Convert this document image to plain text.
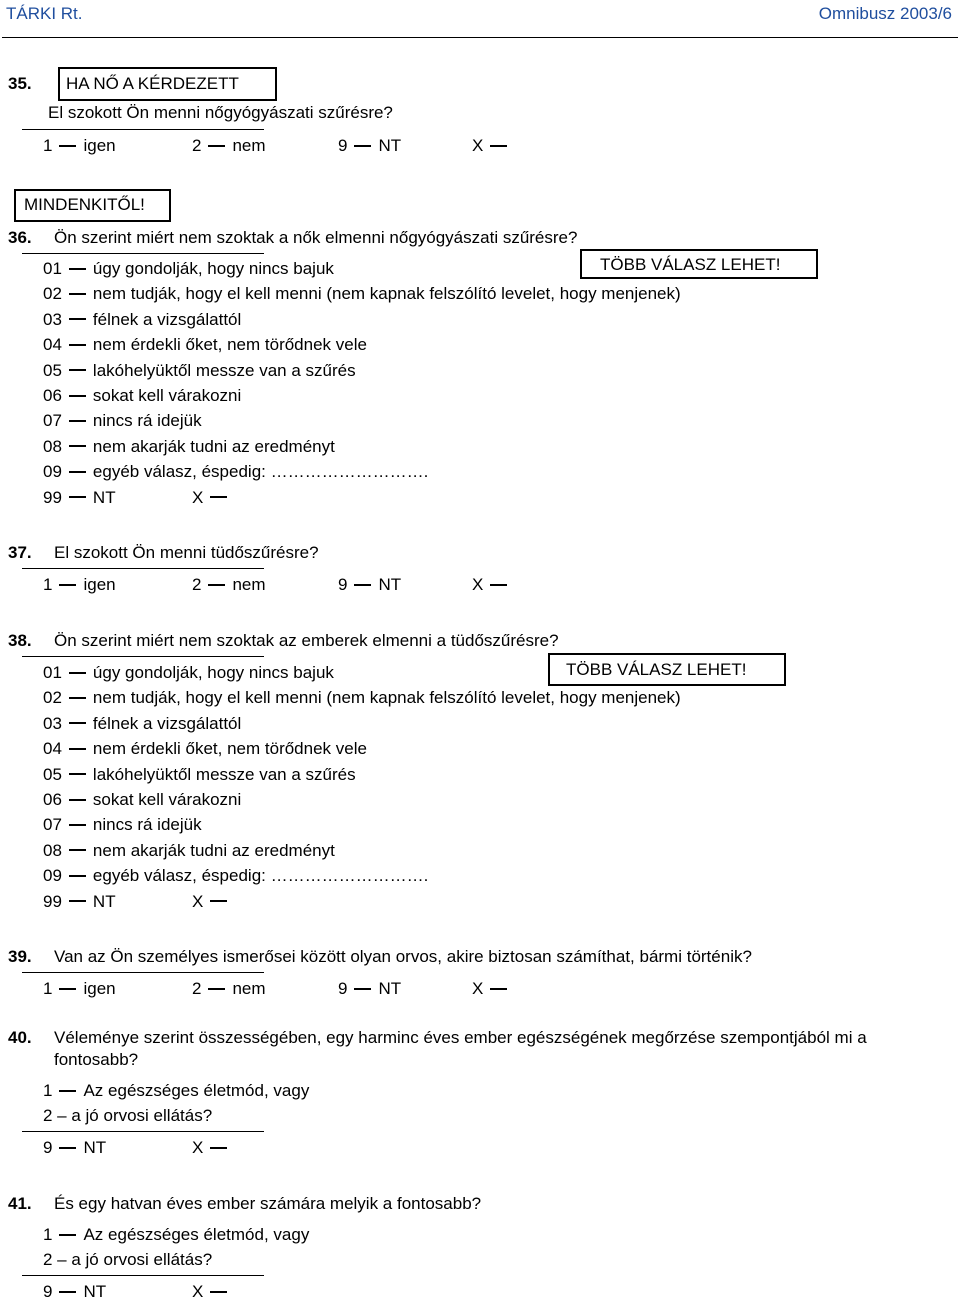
TÁRKI Rt.	Omnibusz 2003/6
35. HA NŐ A KÉRDEZETT
El szokott Ön menni nőgyógyászati szűrésre?
1 igen	2 nem	9 NT	X
MINDENKITŐL!
36. Ön szerint miért nem szoktak a nők elmenni nőgyógyászati szűrésre?
TÖBB VÁLASZ LEHET!
01 úgy gondolják, hogy nincs bajuk
02 nem tudják, hogy el kell menni (nem kapnak felszólító levelet, hogy menjenek)
03 félnek a vizsgálattól
04 nem érdekli őket, nem törődnek vele
05 lakóhelyüktől messze van a szűrés
06 sokat kell várakozni
07 nincs rá idejük
08 nem akarják tudni az eredményt
09 egyéb válasz, éspedig: ……………………….
99 NT	X
37. El szokott Ön menni tüdőszűrésre?
1 igen	2 nem	9 NT	X
38. Ön szerint miért nem szoktak az emberek elmenni a tüdőszűrésre?
TÖBB VÁLASZ LEHET!
01 úgy gondolják, hogy nincs bajuk
02 nem tudják, hogy el kell menni (nem kapnak felszólító levelet, hogy menjenek)
03 félnek a vizsgálattól
04 nem érdekli őket, nem törődnek vele
05 lakóhelyüktől messze van a szűrés
06 sokat kell várakozni
07 nincs rá idejük
08 nem akarják tudni az eredményt
09 egyéb válasz, éspedig: ……………………….
99 NT	X
39. Van az Ön személyes ismerősei között olyan orvos, akire biztosan számíthat, bármi történik?
1 igen	2 nem	9 NT	X
40. Véleménye szerint összességében, egy harminc éves ember egészségének megőrzése szempontjából mi a
fontosabb?
1 Az egészséges életmód, vagy
2 – a jó orvosi ellátás?
9 NT	X
41. És egy hatvan éves ember számára melyik a fontosabb?
1 Az egészséges életmód, vagy
2 – a jó orvosi ellátás?
9 NT	X
